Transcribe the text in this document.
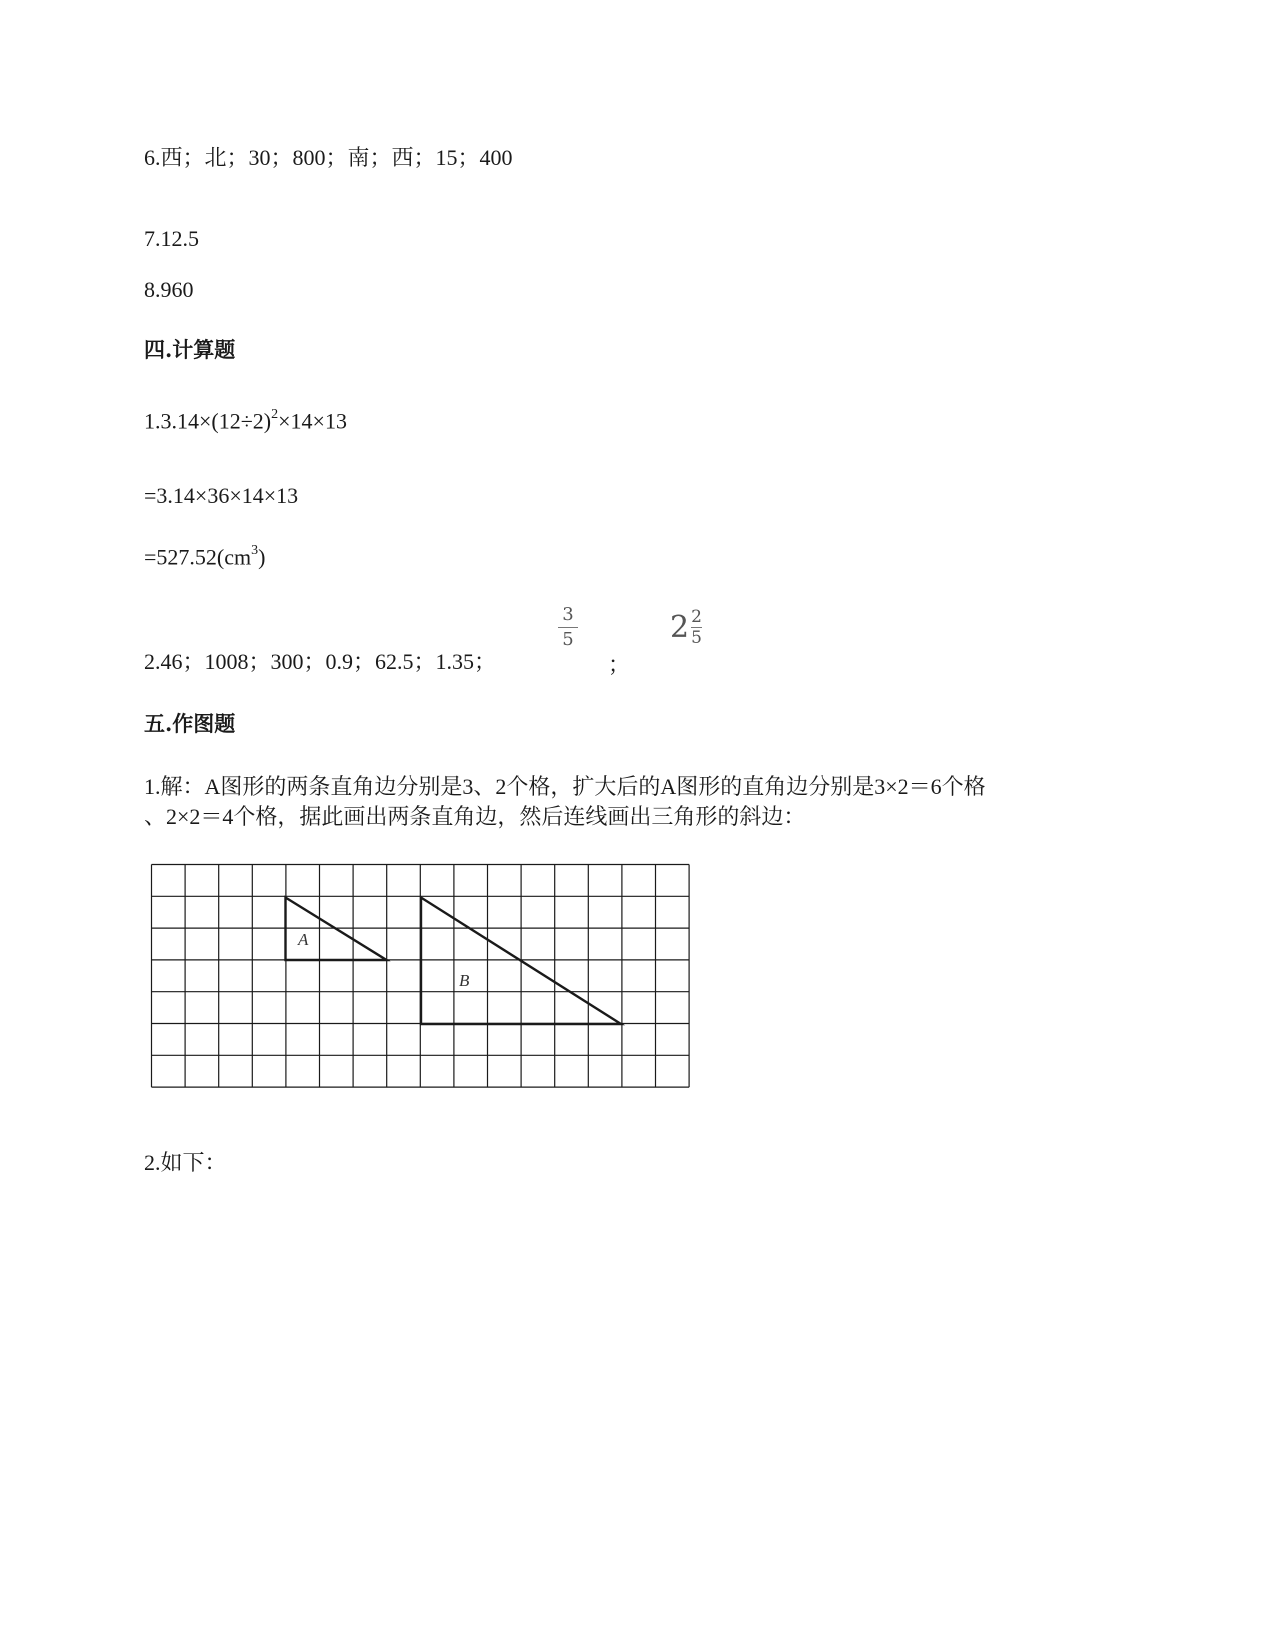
6.西；北；30；800；南；西；15；400
7.12.5
8.960
四.计算题
$1.3.14\times(12\div 2)^2\times 14\times 13$
=3.14×36×14×13
$=527.52(cm^3)$
2.46；1008；300；0.9；62.5；1.35；
3
5
；
$2 \frac{2}{5}$
五.作图题
1.解：A图形的两条直角边分别是3、2个格，扩大后的A图形的直角边分别是3×2＝6个格
、2×2＝4个格，据此画出两条直角边，然后连线画出三角形的斜边：
A
B
2.如下：
